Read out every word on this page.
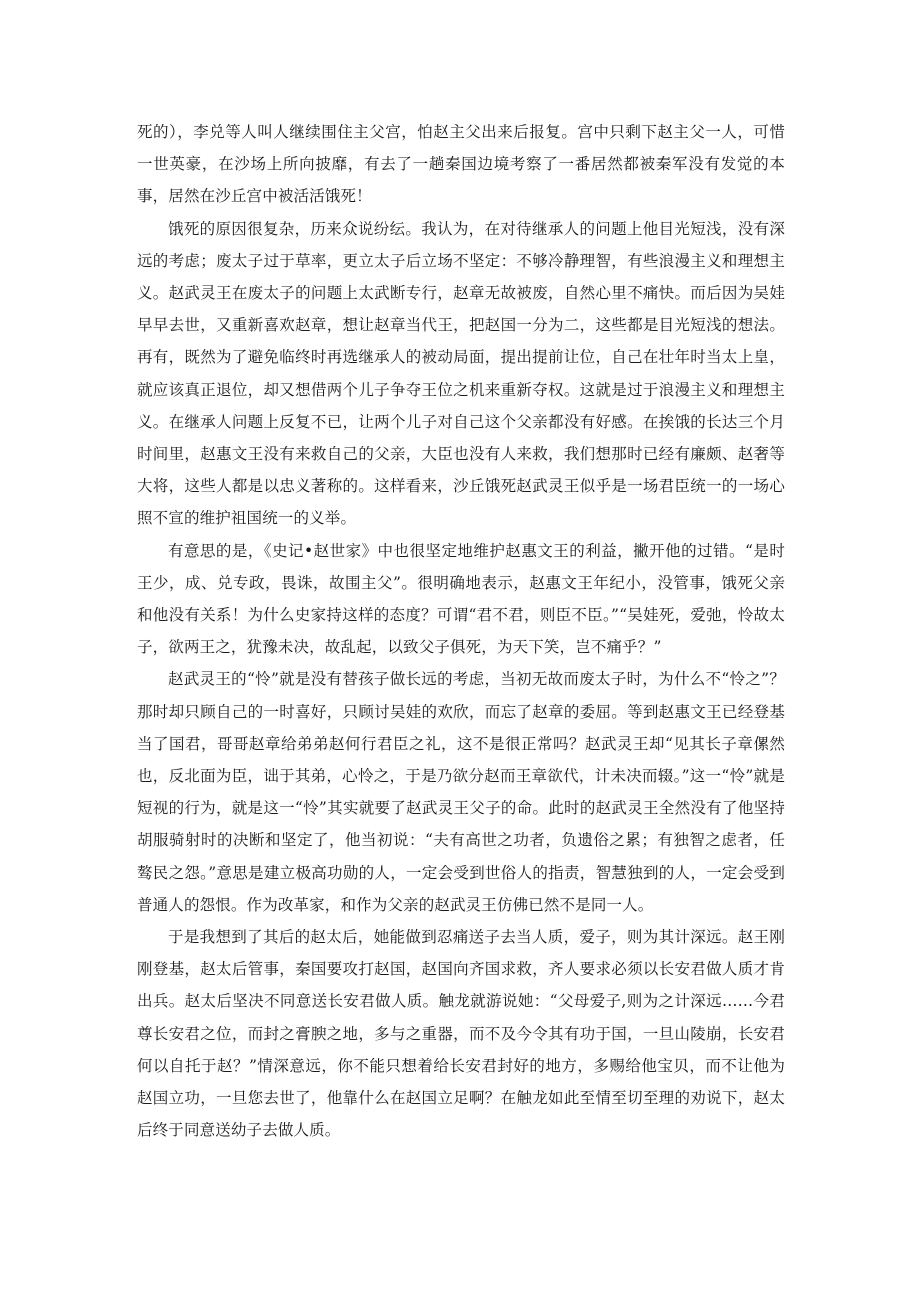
死的），李兑等人叫人继续围住主父宫，怕赵主父出来后报复。宫中只剩下赵主父一人，可惜一世英豪，在沙场上所向披靡，有去了一趟秦国边境考察了一番居然都被秦军没有发觉的本事，居然在沙丘宫中被活活饿死！

饿死的原因很复杂，历来众说纷纭。我认为，在对待继承人的问题上他目光短浅，没有深远的考虑；废太子过于草率，更立太子后立场不坚定：不够冷静理智，有些浪漫主义和理想主义。赵武灵王在废太子的问题上太武断专行，赵章无故被废，自然心里不痛快。而后因为吴娃早早去世，又重新喜欢赵章，想让赵章当代王，把赵国一分为二，这些都是目光短浅的想法。再有，既然为了避免临终时再选继承人的被动局面，提出提前让位，自己在壮年时当太上皇，就应该真正退位，却又想借两个儿子争夺王位之机来重新夺权。这就是过于浪漫主义和理想主义。在继承人问题上反复不已，让两个儿子对自己这个父亲都没有好感。在挨饿的长达三个月时间里，赵惠文王没有来救自己的父亲，大臣也没有人来救，我们想那时已经有廉颇、赵奢等大将，这些人都是以忠义著称的。这样看来，沙丘饿死赵武灵王似乎是一场君臣统一的一场心照不宣的维护祖国统一的义举。

有意思的是，《史记•赵世家》中也很坚定地维护赵惠文王的利益，撇开他的过错。“是时王少，成、兑专政，畏诛，故围主父”。很明确地表示，赵惠文王年纪小，没管事，饿死父亲和他没有关系！为什么史家持这样的态度？可谓“君不君，则臣不臣。”“吴娃死，爱弛，怜故太子，欲两王之，犹豫未决，故乱起，以致父子俱死，为天下笑，岂不痛乎？”

赵武灵王的“怜”就是没有替孩子做长远的考虑，当初无故而废太子时，为什么不“怜之”？那时却只顾自己的一时喜好，只顾讨吴娃的欢欣，而忘了赵章的委屈。等到赵惠文王已经登基当了国君，哥哥赵章给弟弟赵何行君臣之礼，这不是很正常吗？赵武灵王却“见其长子章傫然也，反北面为臣，诎于其弟，心怜之，于是乃欲分赵而王章欲代，计未决而辍。”这一“怜”就是短视的行为，就是这一“怜”其实就要了赵武灵王父子的命。此时的赵武灵王全然没有了他坚持胡服骑射时的决断和坚定了，他当初说：“夫有高世之功者，负遗俗之累；有独智之虑者，任骜民之怨。”意思是建立极高功勋的人，一定会受到世俗人的指责，智慧独到的人，一定会受到普通人的怨恨。作为改革家，和作为父亲的赵武灵王仿佛已然不是同一人。

于是我想到了其后的赵太后，她能做到忍痛送子去当人质，爱子，则为其计深远。赵王刚刚登基，赵太后管事，秦国要攻打赵国，赵国向齐国求救，齐人要求必须以长安君做人质才肯出兵。赵太后坚决不同意送长安君做人质。触龙就游说她：“父母爱子,则为之计深远……今君尊长安君之位，而封之膏腴之地，多与之重器，而不及今令其有功于国，一旦山陵崩，长安君何以自托于赵？”情深意远，你不能只想着给长安君封好的地方，多赐给他宝贝，而不让他为赵国立功，一旦您去世了，他靠什么在赵国立足啊？在触龙如此至情至切至理的劝说下，赵太后终于同意送幼子去做人质。
